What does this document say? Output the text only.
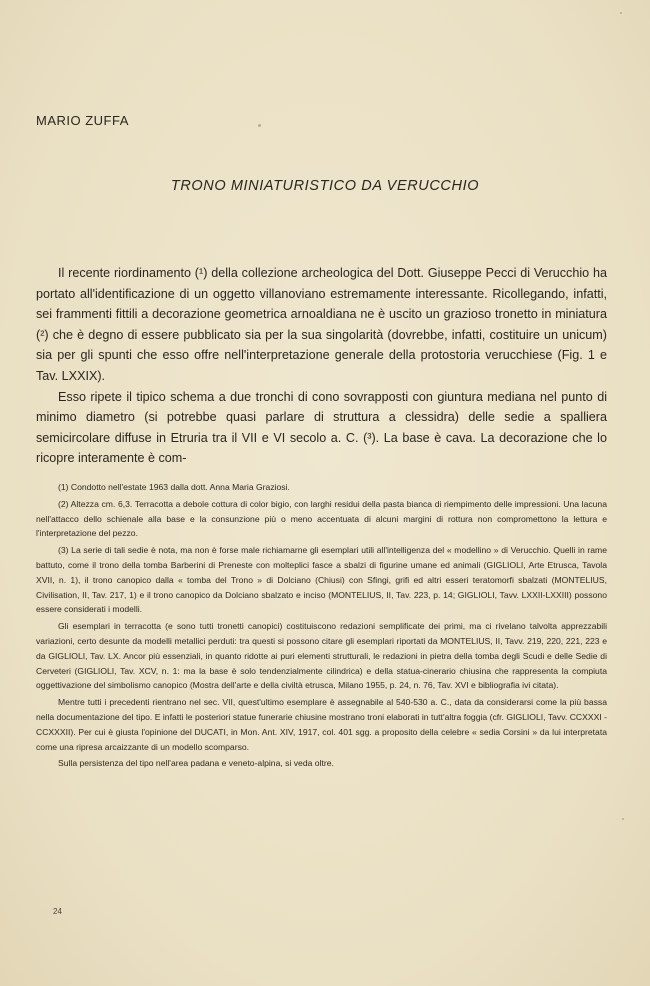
MARIO ZUFFA
TRONO MINIATURISTICO DA VERUCCHIO

Il recente riordinamento (¹) della collezione archeologica del Dott. Giuseppe Pecci di Verucchio ha portato all'identificazione di un oggetto villanoviano estremamente interessante. Ricollegando, infatti, sei frammenti fittili a decorazione geometrica arnoaldiana ne è uscito un grazioso tronetto in miniatura (²) che è degno di essere pubblicato sia per la sua singolarità (dovrebbe, infatti, costituire un unicum) sia per gli spunti che esso offre nell'interpretazione generale della protostoria verucchiese (Fig. 1 e Tav. LXXIX).

Esso ripete il tipico schema a due tronchi di cono sovrapposti con giuntura mediana nel punto di minimo diametro (si potrebbe quasi parlare di struttura a clessidra) delle sedie a spalliera semicircolare diffuse in Etruria tra il VII e VI secolo a. C. (³). La base è cava. La decorazione che lo ricopre interamente è com-

(1) Condotto nell'estate 1963 dalla dott. Anna Maria Graziosi.

(2) Altezza cm. 6,3. Terracotta a debole cottura di color bigio, con larghi residui della pasta bianca di riempimento delle impressioni. Una lacuna nell'attacco dello schienale alla base e la consunzione più o meno accentuata di alcuni margini di rottura non compromettono la lettura e l'interpretazione del pezzo.

(3) La serie di tali sedie è nota, ma non è forse male richiamarne gli esemplari utili all'intelligenza del « modellino » di Verucchio. Quelli in rame battuto, come il trono della tomba Barberini di Preneste con molteplici fasce a sbalzi di figurine umane ed animali (GIGLIOLI, Arte Etrusca, Tavola XVII, n. 1), il trono canopico dalla « tomba del Trono » di Dolciano (Chiusi) con Sfingi, grifi ed altri esseri teratomorfi sbalzati (MONTELIUS, Civilisation, II, Tav. 217, 1) e il trono canopico da Dolciano sbalzato e inciso (MONTELIUS, II, Tav. 223, p. 14; GIGLIOLI, Tavv. LXXII-LXXIII) possono essere considerati i modelli.

Gli esemplari in terracotta (e sono tutti tronetti canopici) costituiscono redazioni semplificate dei primi, ma ci rivelano talvolta apprezzabili variazioni, certo desunte da modelli metallici perduti: tra questi si possono citare gli esemplari riportati da MONTELIUS, II, Tavv. 219, 220, 221, 223 e da GIGLIOLI, Tav. LX. Ancor più essenziali, in quanto ridotte ai puri elementi strutturali, le redazioni in pietra della tomba degli Scudi e delle Sedie di Cerveteri (GIGLIOLI, Tav. XCV, n. 1: ma la base è solo tendenzialmente cilindrica) e della statua-cinerario chiusina che rappresenta la compiuta oggettivazione del simbolismo canopico (Mostra dell'arte e della civiltà etrusca, Milano 1955, p. 24, n. 76, Tav. XVI e bibliografia ivi citata).

Mentre tutti i precedenti rientrano nel sec. VII, quest'ultimo esemplare è assegnabile al 540-530 a. C., data da considerarsi come la più bassa nella documentazione del tipo. E infatti le posteriori statue funerarie chiusine mostrano troni elaborati in tutt'altra foggia (cfr. GIGLIOLI, Tavv. CCXXXI - CCXXXII). Per cui è giusta l'opinione del DUCATI, in Mon. Ant. XIV, 1917, col. 401 sgg. a proposito della celebre « sedia Corsini » da lui interpretata come una ripresa arcaizzante di un modello scomparso.

Sulla persistenza del tipo nell'area padana e veneto-alpina, si veda oltre.

24
